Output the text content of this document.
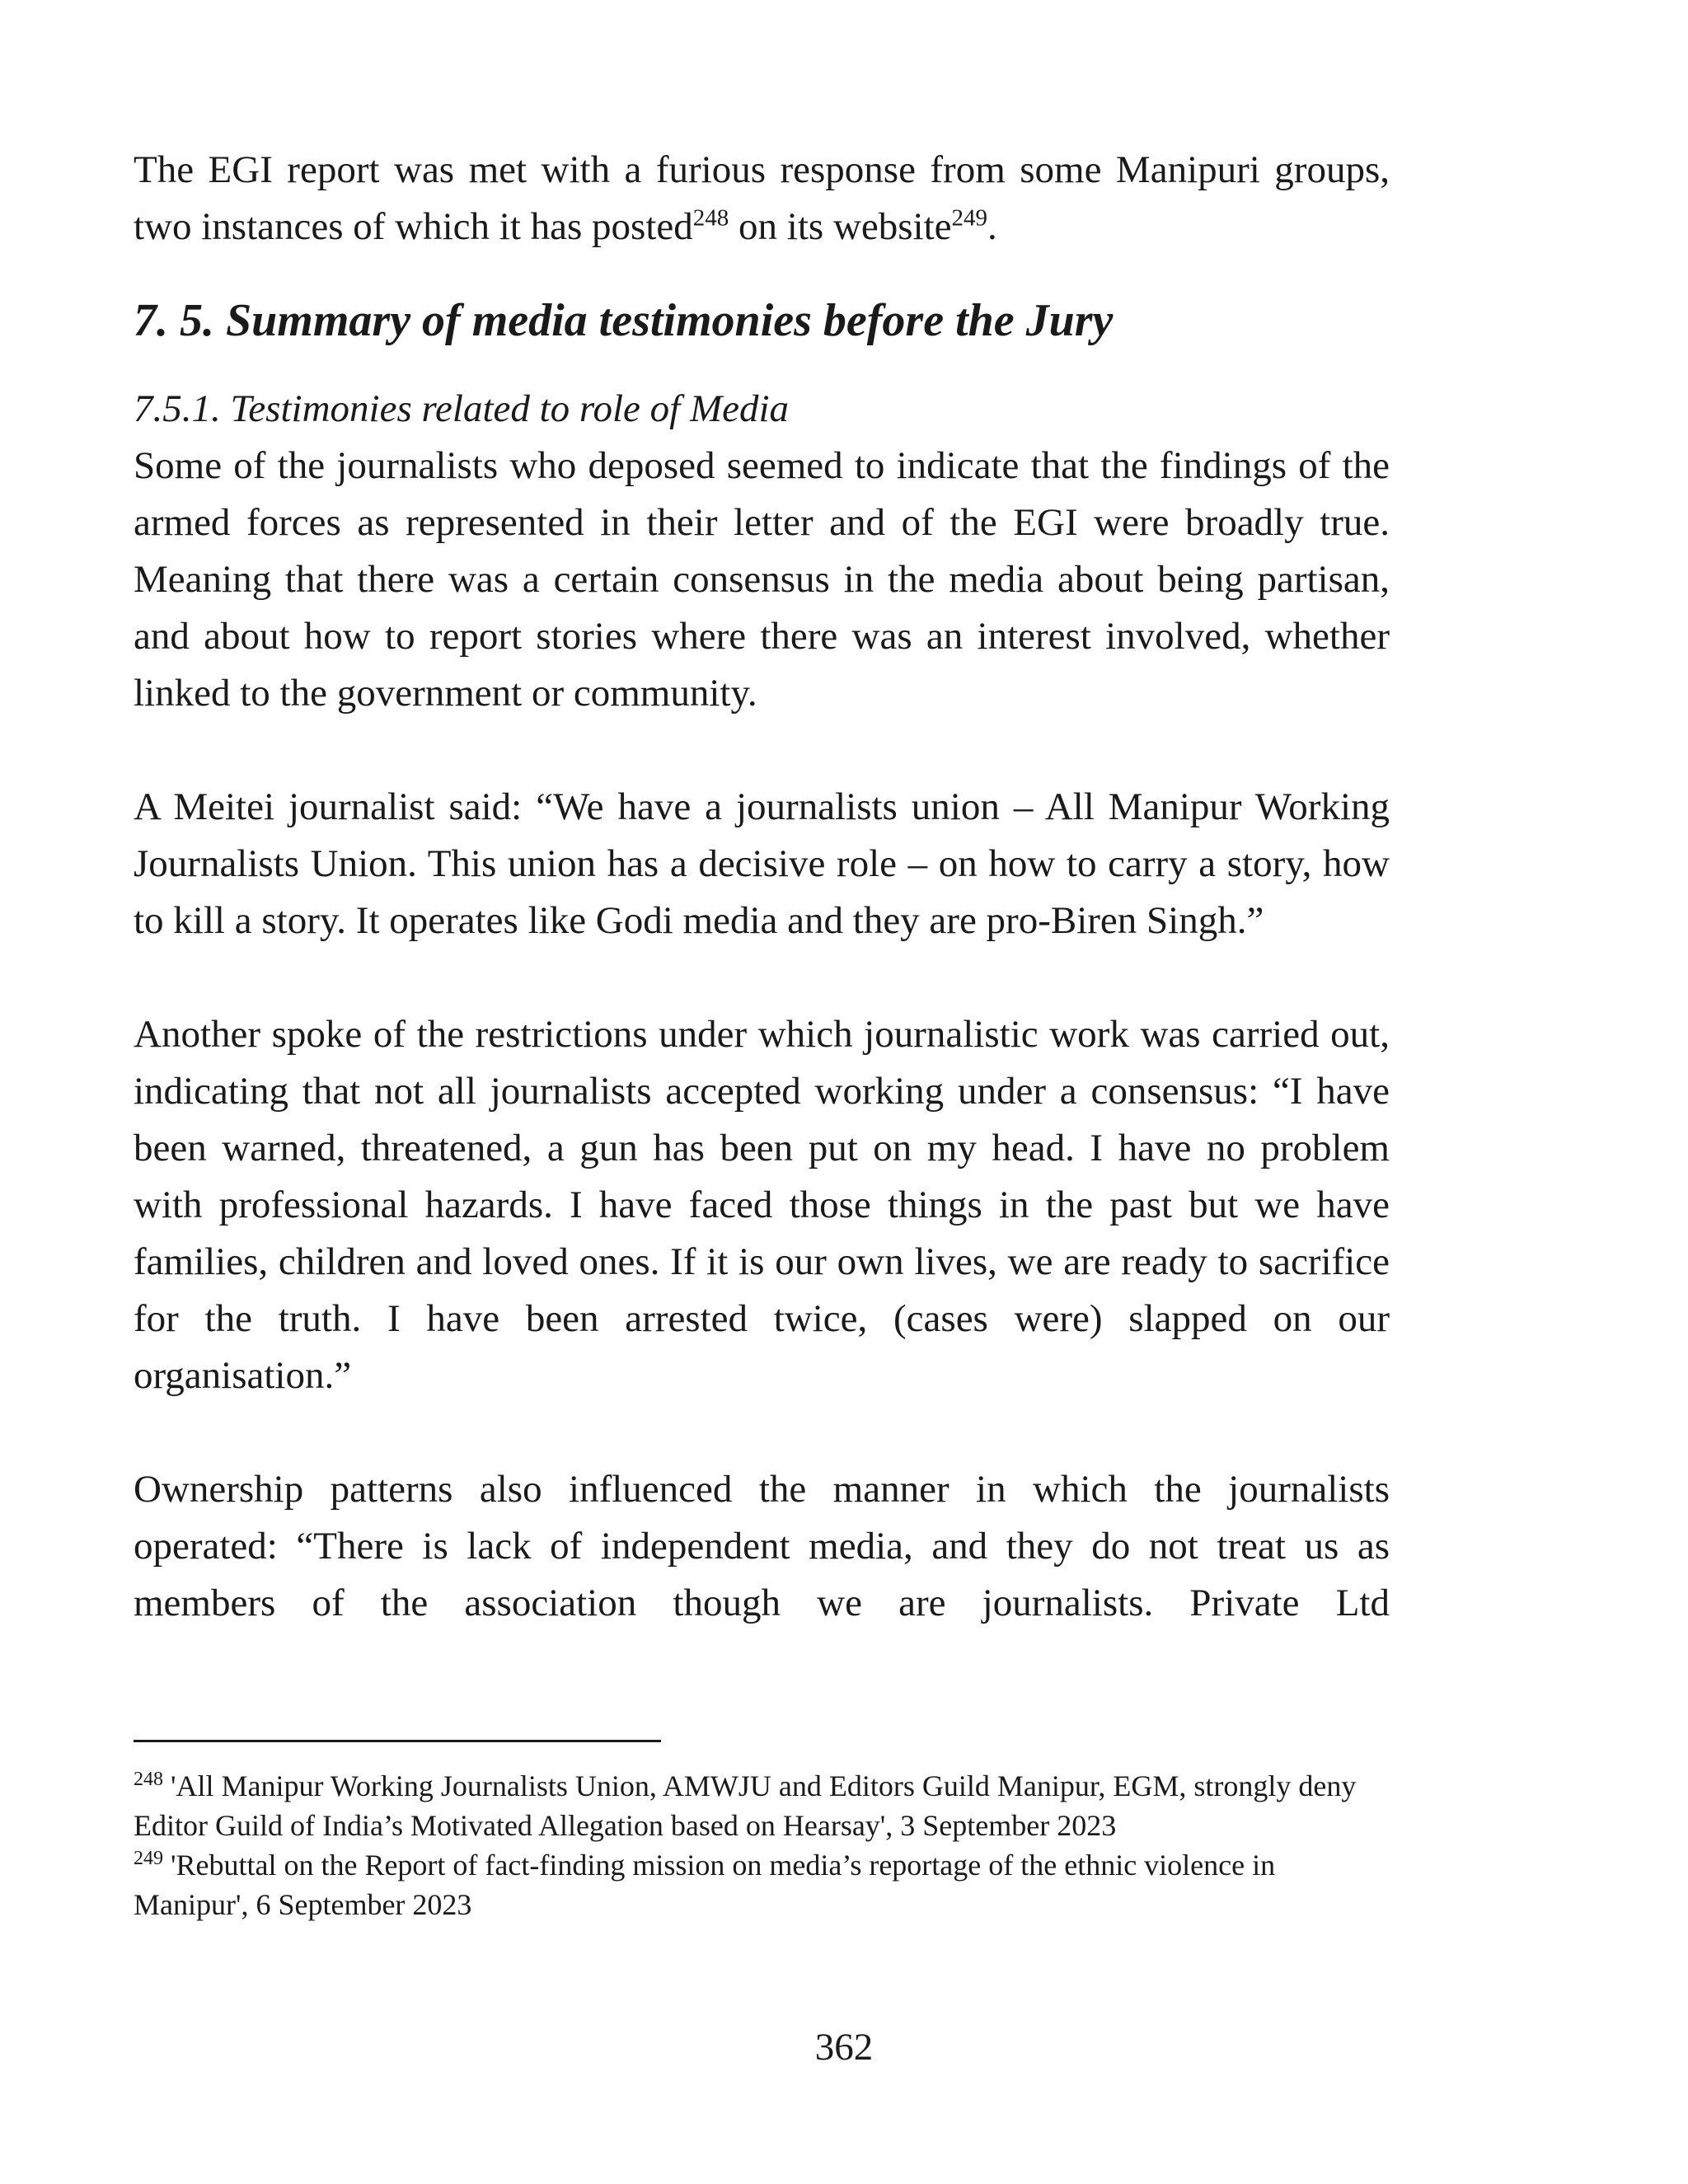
The EGI report was met with a furious response from some Manipuri groups, two instances of which it has posted$^{248}$ on its website$^{249}$.

7. 5. Summary of media testimonies before the Jury

7.5.1. Testimonies related to role of Media

Some of the journalists who deposed seemed to indicate that the findings of the armed forces as represented in their letter and of the EGI were broadly true. Meaning that there was a certain consensus in the media about being partisan, and about how to report stories where there was an interest involved, whether linked to the government or community.

A Meitei journalist said: “We have a journalists union – All Manipur Working Journalists Union. This union has a decisive role – on how to carry a story, how to kill a story. It operates like Godi media and they are pro-Biren Singh.”

Another spoke of the restrictions under which journalistic work was carried out, indicating that not all journalists accepted working under a consensus: “I have been warned, threatened, a gun has been put on my head. I have no problem with professional hazards. I have faced those things in the past but we have families, children and loved ones. If it is our own lives, we are ready to sacrifice for the truth. I have been arrested twice, (cases were) slapped on our organisation.”

Ownership patterns also influenced the manner in which the journalists operated: “There is lack of independent media, and they do not treat us as members of the association though we are journalists. Private Ltd

$^{248}$ 'All Manipur Working Journalists Union, AMWJU and Editors Guild Manipur, EGM, strongly deny Editor Guild of India’s Motivated Allegation based on Hearsay', 3 September 2023

$^{249}$ 'Rebuttal on the Report of fact-finding mission on media’s reportage of the ethnic violence in Manipur', 6 September 2023

362
